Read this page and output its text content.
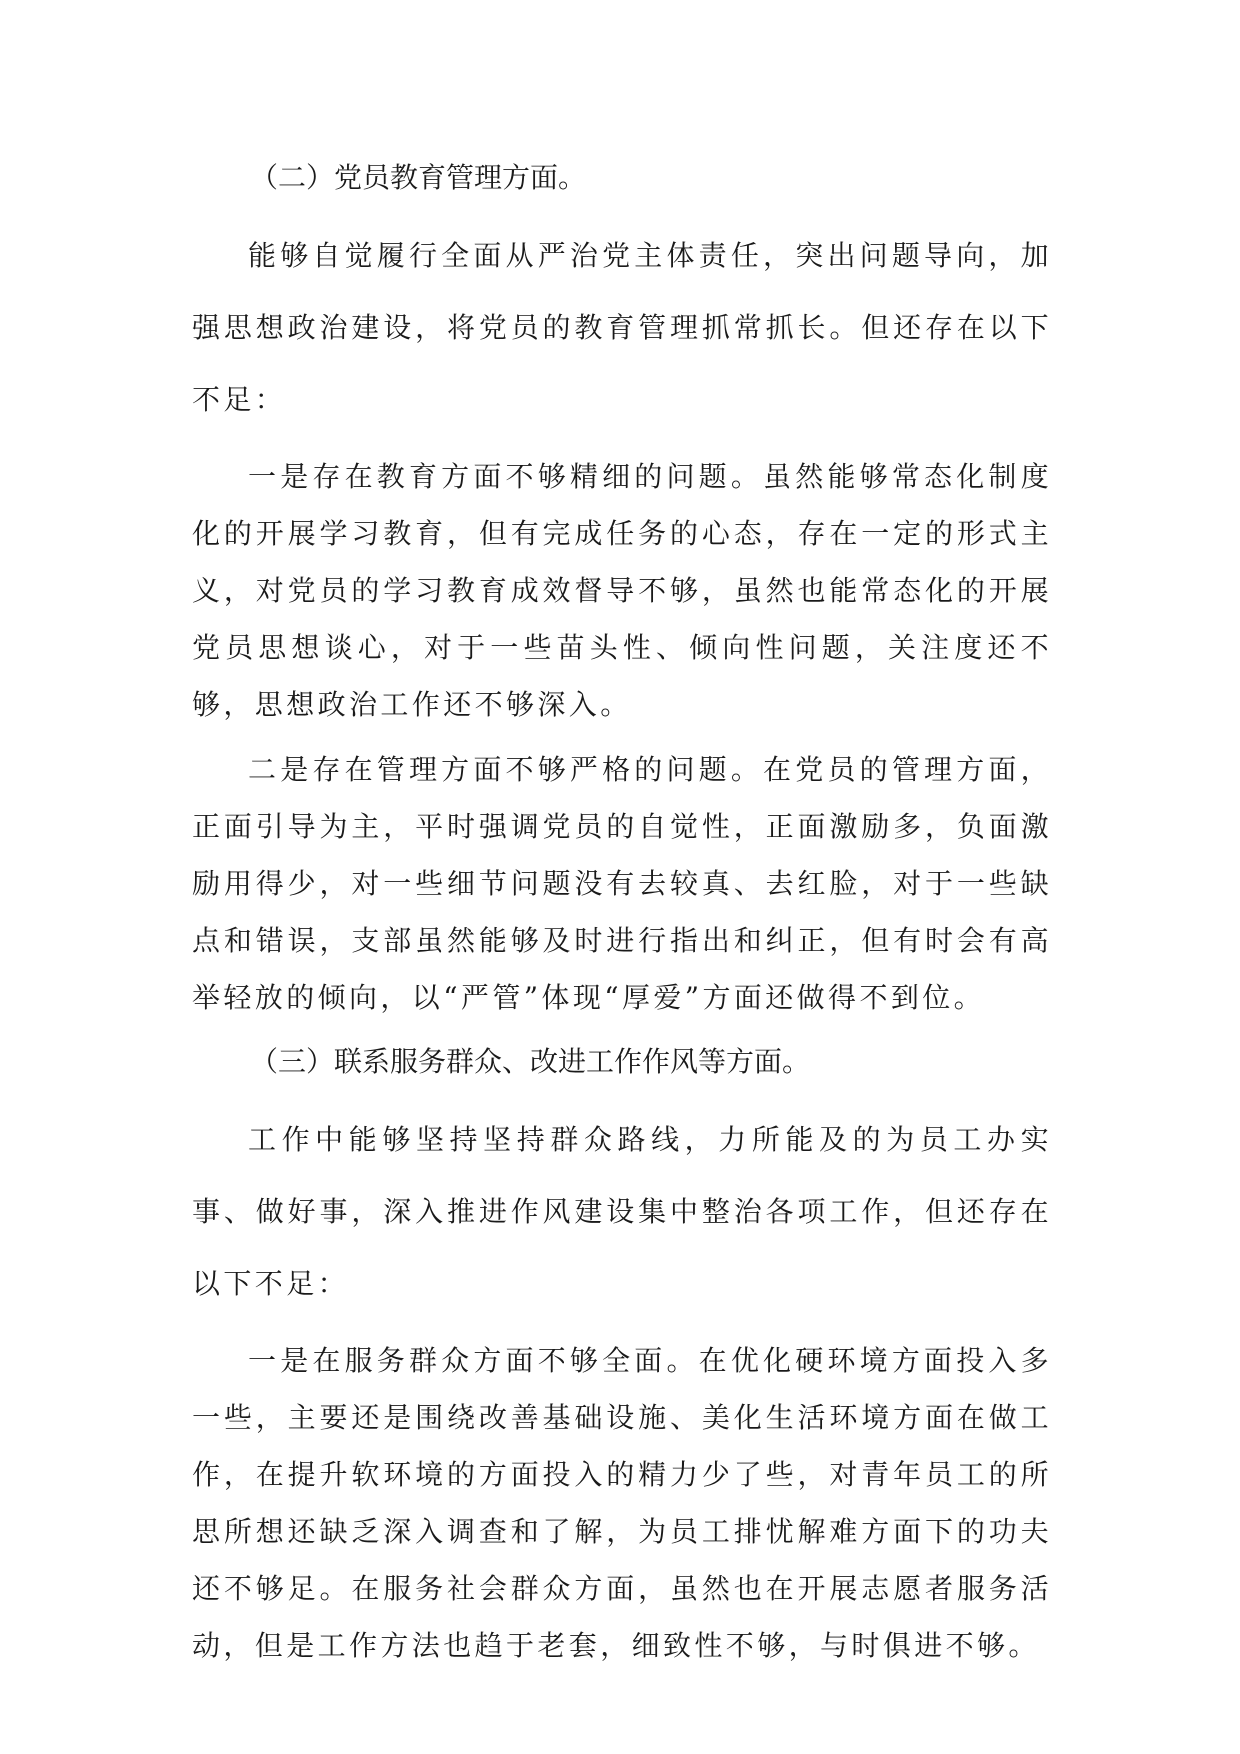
（二）党员教育管理方面。

能够自觉履行全面从严治党主体责任，突出问题导向，加强思想政治建设，将党员的教育管理抓常抓长。但还存在以下不足：

一是存在教育方面不够精细的问题。虽然能够常态化制度化的开展学习教育，但有完成任务的心态，存在一定的形式主义，对党员的学习教育成效督导不够，虽然也能常态化的开展党员思想谈心，对于一些苗头性、倾向性问题，关注度还不够，思想政治工作还不够深入。

二是存在管理方面不够严格的问题。在党员的管理方面，正面引导为主，平时强调党员的自觉性，正面激励多，负面激励用得少，对一些细节问题没有去较真、去红脸，对于一些缺点和错误，支部虽然能够及时进行指出和纠正，但有时会有高举轻放的倾向，以“严管”体现“厚爱”方面还做得不到位。

（三）联系服务群众、改进工作作风等方面。

工作中能够坚持坚持群众路线，力所能及的为员工办实事、做好事，深入推进作风建设集中整治各项工作，但还存在以下不足：

一是在服务群众方面不够全面。在优化硬环境方面投入多一些，主要还是围绕改善基础设施、美化生活环境方面在做工作，在提升软环境的方面投入的精力少了些，对青年员工的所思所想还缺乏深入调查和了解，为员工排忧解难方面下的功夫还不够足。在服务社会群众方面，虽然也在开展志愿者服务活动，但是工作方法也趋于老套，细致性不够，与时俱进不够。
